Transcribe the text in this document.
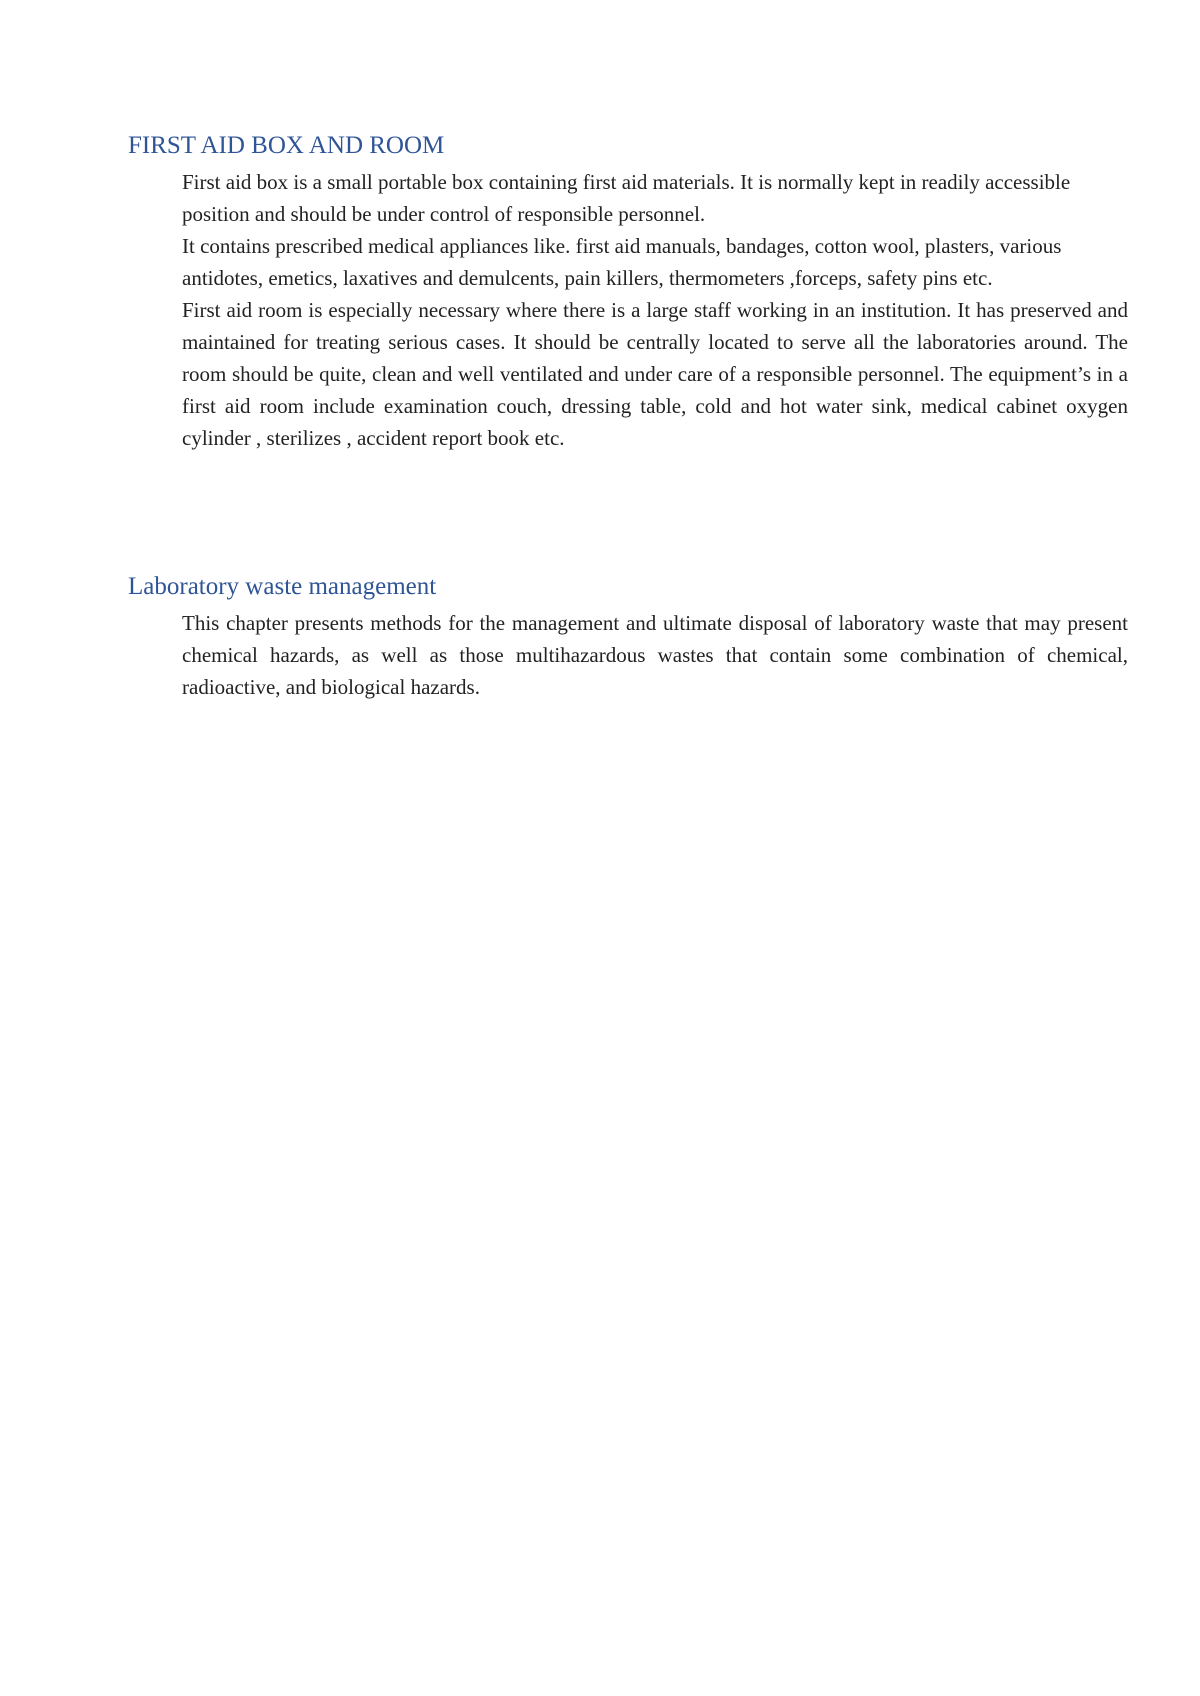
FIRST AID BOX AND ROOM

First aid box is a small portable box containing first aid materials. It is normally kept in readily accessible position and should be under control of responsible personnel.

It contains prescribed medical appliances like. first aid manuals, bandages, cotton wool, plasters, various antidotes, emetics, laxatives and demulcents, pain killers, thermometers ,forceps, safety pins etc.

First aid room is especially necessary where there is a large staff working in an institution. It has preserved and maintained for treating serious cases. It should be centrally located to serve all the laboratories around. The room should be quite, clean and well ventilated and under care of a responsible personnel. The equipment’s in a first aid room include examination couch, dressing table, cold and hot water sink, medical cabinet oxygen cylinder , sterilizes , accident report book etc.

Laboratory waste management

This chapter presents methods for the management and ultimate disposal of laboratory waste that may present chemical hazards, as well as those multihazardous wastes that contain some combination of chemical, radioactive, and biological hazards.
